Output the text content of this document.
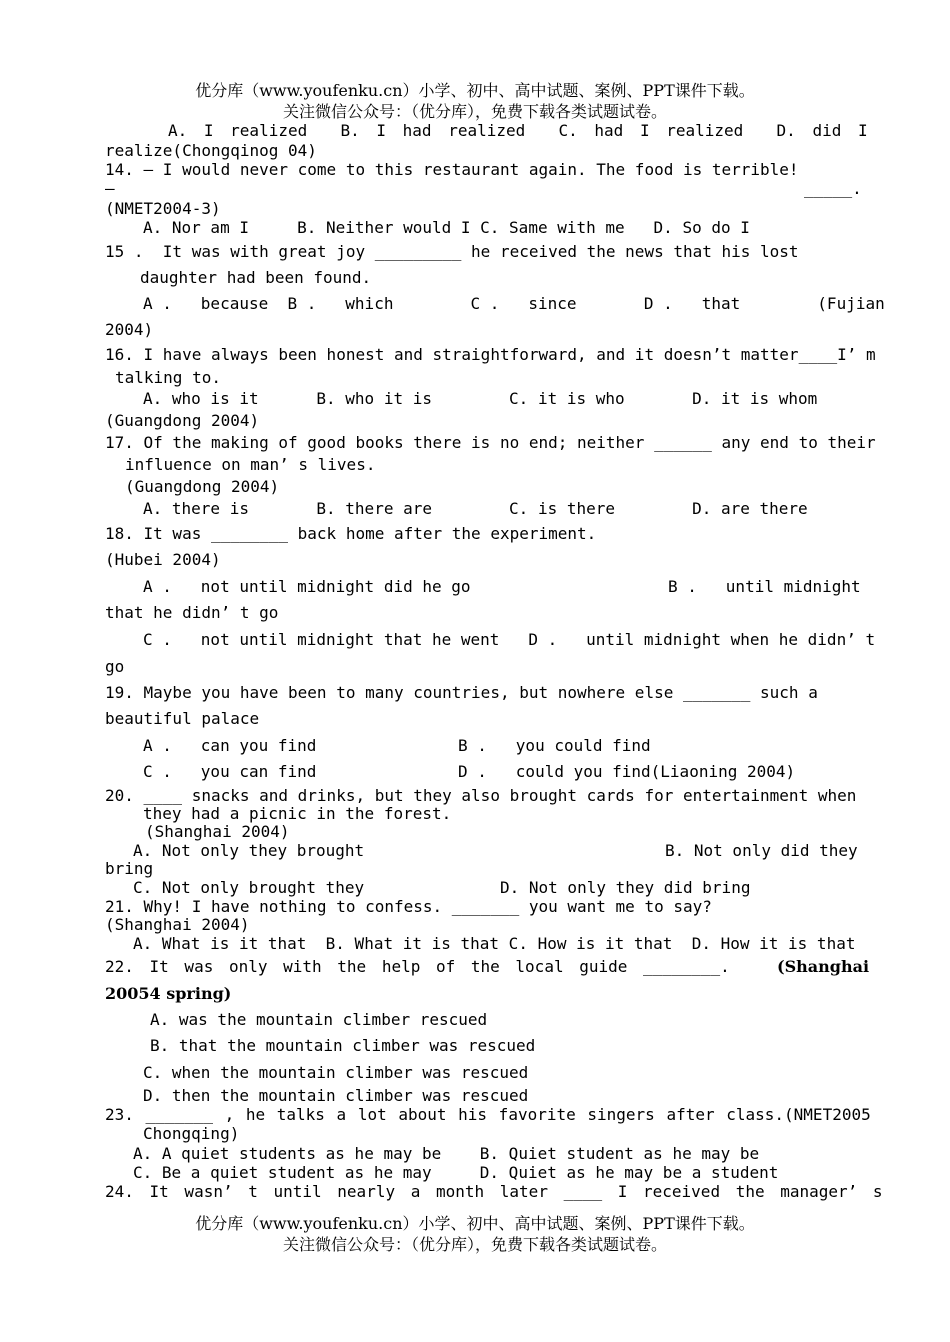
优分库（www.youfenku.cn）小学、初中、高中试题、案例、PPT课件下载。
关注微信公众号：（优分库），免费下载各类试题试卷。
A. I realized  B. I had realized  C. had I realized  D. did I
realize(Chongqinog 04)
14. — I would never come to this restaurant again. The food is terrible!
—	_____.
(NMET2004-3)
A. Nor am I     B. Neither would I C. Same with me   D. So do I
15 .  It was with great joy _________ he received the news that his lost
daughter had been found.
A .   because  B .   which        C .   since       D .   that        (Fujian
2004)
16. I have always been honest and straightforward, and it doesn’t matter____I’ m
talking to.
A. who is it      B. who it is        C. it is who       D. it is whom
(Guangdong 2004)
17. Of the making of good books there is no end; neither ______ any end to their
influence on man’ s lives.
(Guangdong 2004)
A. there is       B. there are        C. is there        D. are there
18. It was ________ back home after the experiment.
(Hubei 2004)
A .   not until midnight did he go	B .   until midnight
that he didn’ t go
C .   not until midnight that he went   D .   until midnight when he didn’ t
go
19. Maybe you have been to many countries, but nowhere else _______ such a
beautiful palace
A .   can you find	B .   you could find
C .   you can find	D .   could you find(Liaoning 2004)
20. ____ snacks and drinks, but they also brought cards for entertainment when
they had a picnic in the forest.
(Shanghai 2004)
A. Not only they brought	B. Not only did they
bring
C. Not only brought they	D. Not only they did bring
21. Why! I have nothing to confess. _______ you want me to say?
(Shanghai 2004)
A. What is it that  B. What it is that C. How is it that  D. How it is that
22. It was only with the help of the local guide ________.	(Shanghai
20054 spring)
A. was the mountain climber rescued
B. that the mountain climber was rescued
C. when the mountain climber was rescued
D. then the mountain climber was rescued
23. _______ , he talks a lot about his favorite singers after class.(NMET2005
Chongqing)
A. A quiet students as he may be    B. Quiet student as he may be
C. Be a quiet student as he may     D. Quiet as he may be a student
24. It wasn’ t until nearly a month later ____ I received the manager’ s
优分库（www.youfenku.cn）小学、初中、高中试题、案例、PPT课件下载。
关注微信公众号：（优分库），免费下载各类试题试卷。
